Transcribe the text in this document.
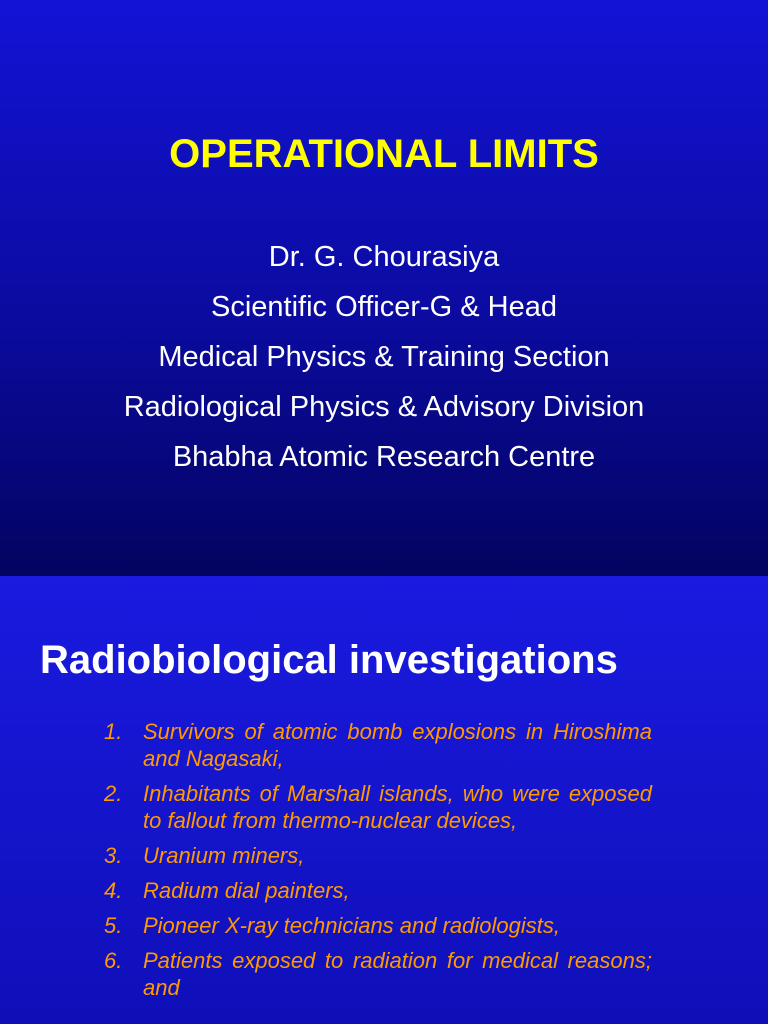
OPERATIONAL LIMITS
Dr. G. Chourasiya
Scientific Officer-G & Head
Medical Physics & Training Section
Radiological Physics & Advisory Division
Bhabha Atomic Research Centre
Radiobiological investigations
1. Survivors of atomic bomb explosions in Hiroshima and Nagasaki,
2. Inhabitants of Marshall islands, who were exposed to fallout from thermo-nuclear devices,
3. Uranium miners,
4. Radium dial painters,
5. Pioneer X-ray technicians and radiologists,
6. Patients exposed to radiation for medical reasons; and
